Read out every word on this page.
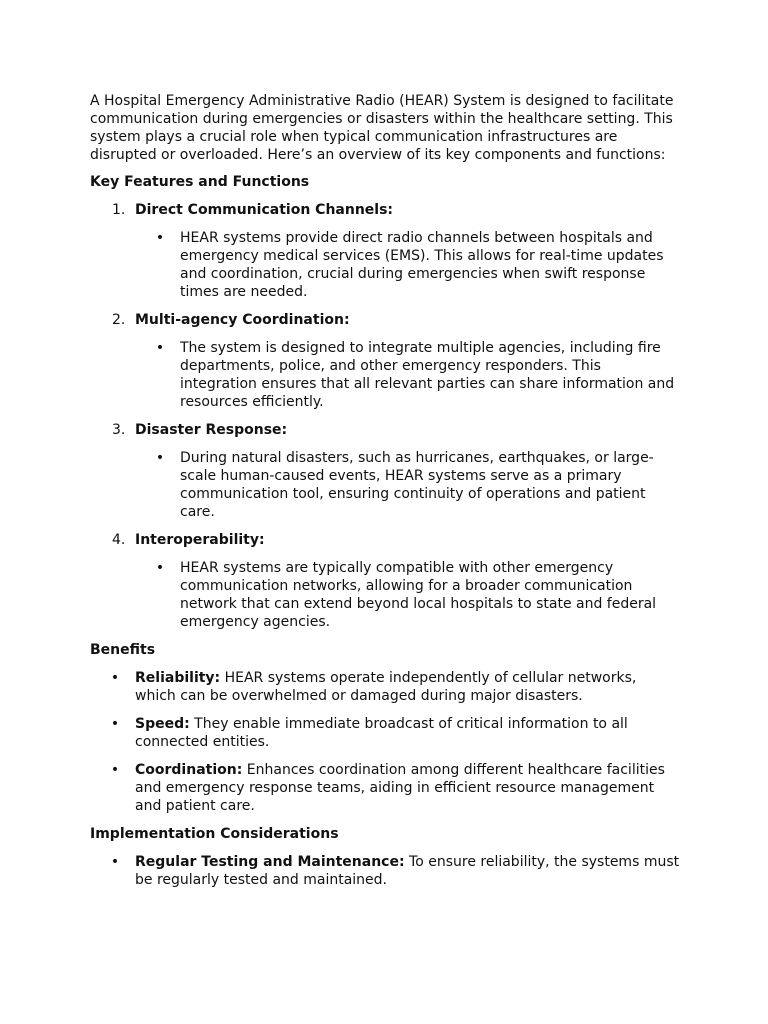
A Hospital Emergency Administrative Radio (HEAR) System is designed to facilitate communication during emergencies or disasters within the healthcare setting. This system plays a crucial role when typical communication infrastructures are disrupted or overloaded. Here’s an overview of its key components and functions:

Key Features and Functions
1. Direct Communication Channels:
• HEAR systems provide direct radio channels between hospitals and emergency medical services (EMS). This allows for real-time updates and coordination, crucial during emergencies when swift response times are needed.
2. Multi-agency Coordination:
• The system is designed to integrate multiple agencies, including fire departments, police, and other emergency responders. This integration ensures that all relevant parties can share information and resources efficiently.
3. Disaster Response:
• During natural disasters, such as hurricanes, earthquakes, or large-scale human-caused events, HEAR systems serve as a primary communication tool, ensuring continuity of operations and patient care.
4. Interoperability:
• HEAR systems are typically compatible with other emergency communication networks, allowing for a broader communication network that can extend beyond local hospitals to state and federal emergency agencies.
Benefits
• Reliability: HEAR systems operate independently of cellular networks, which can be overwhelmed or damaged during major disasters.
• Speed: They enable immediate broadcast of critical information to all connected entities.
• Coordination: Enhances coordination among different healthcare facilities and emergency response teams, aiding in efficient resource management and patient care.
Implementation Considerations
• Regular Testing and Maintenance: To ensure reliability, the systems must be regularly tested and maintained.
